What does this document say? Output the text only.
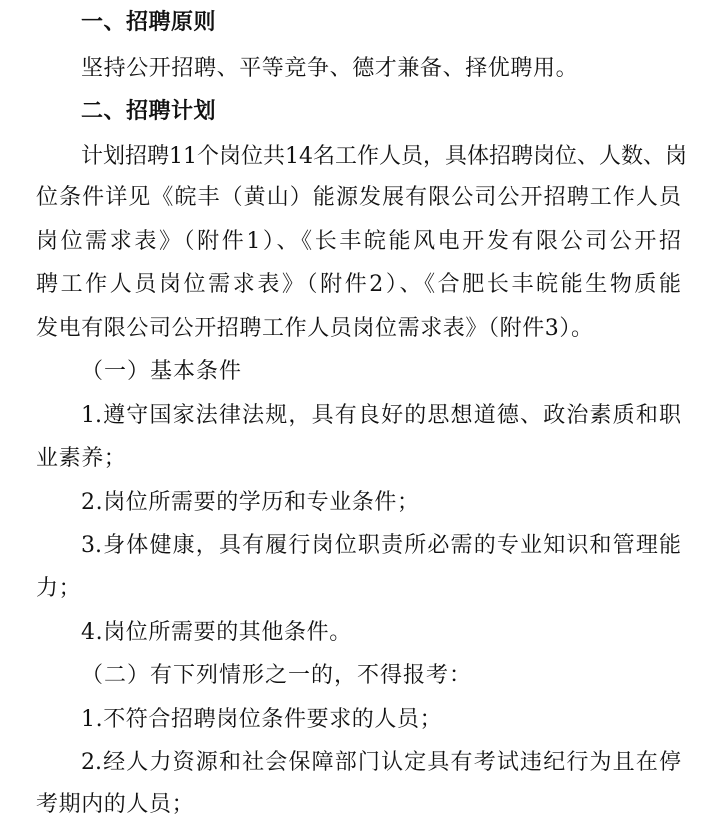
一、招聘原则
坚持公开招聘、平等竞争、德才兼备、择优聘用。
二、招聘计划
计划招聘11个岗位共14名工作人员，具体招聘岗位、人数、岗
位条件详见《皖丰（黄山）能源发展有限公司公开招聘工作人员
岗位需求表》（附件1）、《长丰皖能风电开发有限公司公开招
聘工作人员岗位需求表》（附件2）、《合肥长丰皖能生物质能
发电有限公司公开招聘工作人员岗位需求表》（附件3）。
（一）基本条件
1.遵守国家法律法规，具有良好的思想道德、政治素质和职
业素养；
2.岗位所需要的学历和专业条件；
3.身体健康，具有履行岗位职责所必需的专业知识和管理能
力；
4.岗位所需要的其他条件。
（二）有下列情形之一的，不得报考：
1.不符合招聘岗位条件要求的人员；
2.经人力资源和社会保障部门认定具有考试违纪行为且在停
考期内的人员；
